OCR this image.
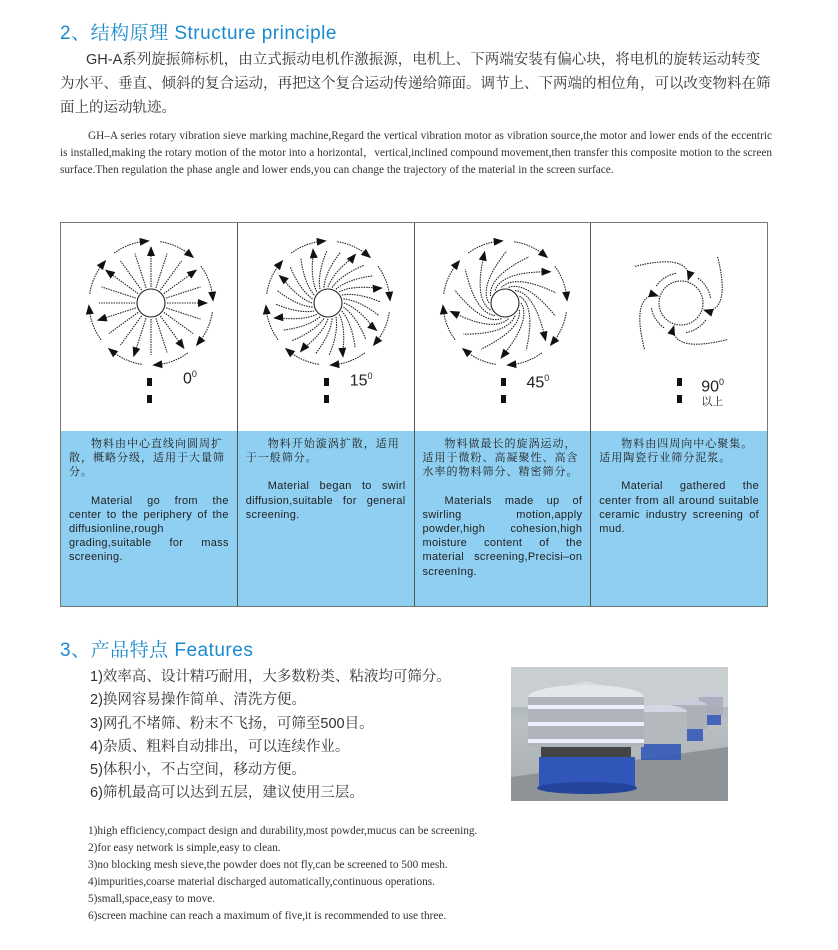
2、结构原理 Structure principle
GH-A系列旋振筛标机，由立式振动电机作激振源，电机上、下两端安装有偏心块，将电机的旋转运动转变为水平、垂直、倾斜的复合运动，再把这个复合运动传递给筛面。调节上、下两端的相位角，可以改变物料在筛面上的运动轨迹。
GH–A series rotary vibration sieve marking machine,Regard the vertical vibration motor as vibration source,the motor and lower ends of the eccentric is installed,making the rotary motion of the motor into a horizontal，vertical,inclined compound movement,then transfer this composite motion to the screen surface.Then regulation the phase angle and lower ends,you can change the trajectory of the material in the screen surface.
$0^0$

物料由中心直线向圆周扩散，概略分级，适用于大量筛分。

Material go from the center to the periphery of the diffusionline,rough grading,suitable for mass screening.

$15^0$

物料开始漩涡扩散，适用于一般筛分。

Material began to swirl diffusion,suitable for general screening.

$45^0$

物料做最长的旋涡运动，适用于微粉、高凝聚性、高含水率的物料筛分、精密筛分。

Materials made up of swirling motion,apply powder,high cohesion,high moisture content of the material screening,Precisi–on screenIng.

$90^0$
以上

物料由四周向中心聚集。适用陶瓷行业筛分泥浆。

Material gathered the center from all around suitable ceramic industry screening of mud.

3、产品特点 Features
1)效率高、设计精巧耐用，大多数粉类、粘液均可筛分。
2)换网容易操作简单、清洗方便。
3)网孔不堵筛、粉末不飞扬，可筛至500目。
4)杂质、粗料自动排出，可以连续作业。
5)体积小，不占空间，移动方便。
6)筛机最高可以达到五层，建议使用三层。
1)high efficiency,compact design and durability,most powder,mucus can be screening.
2)for easy network is simple,easy to clean.
3)no blocking mesh sieve,the powder does not fly,can be screened to 500 mesh.
4)impurities,coarse material discharged automatically,continuous operations.
5)small,space,easy to move.
6)screen machine can reach a maximum of five,it is recommended to use three.
